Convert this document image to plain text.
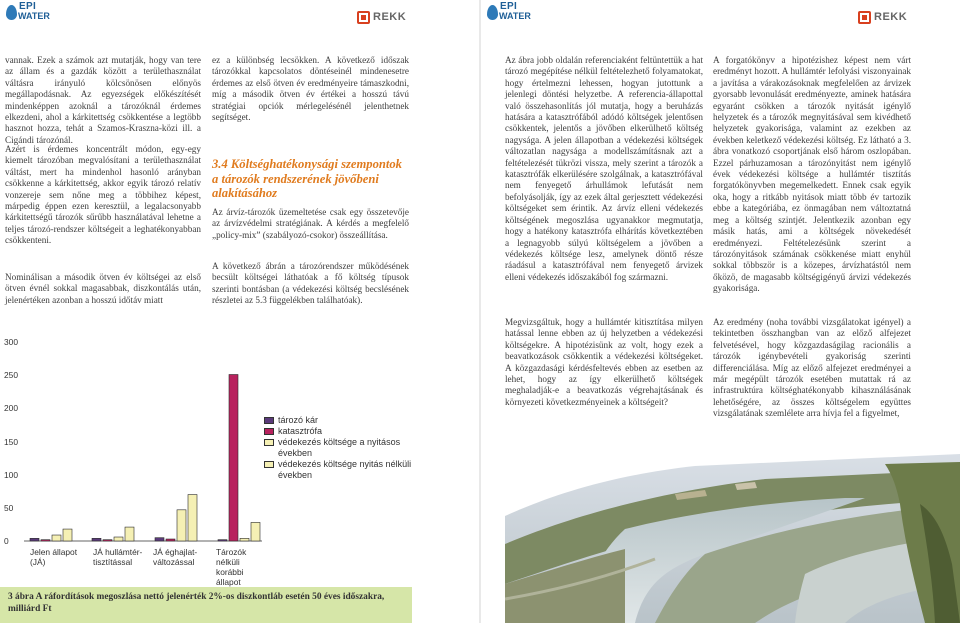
EPI
WATER	REKK
EPI
WATER	REKK
vannak. Ezek a számok azt mutatják, hogy van tere az állam és a gazdák között a területhasználat váltásra irányuló kölcsönösen előnyös megállapodásnak. Az egyezségek előkészítését mindenképpen azoknál a tározóknál érdemes elkezdeni, ahol a kárkitettség csökkentése a legtöbb hasznot hozza, tehát a Szamos-Kraszna-közi ill. a Cigándi tározónál.
Azért is érdemes koncentrált módon, egy-egy kiemelt tározóban megvalósítani a területhasználat váltást, mert ha mindenhol hasonló arányban csökkenne a kárkitettség, akkor egyik tározó relatív vonzereje sem nőne meg a többihez képest, márpedig éppen ezen keresztül, a legalacsonyabb kárkitettségű tározók sűrűbb használatával lehetne a teljes tározó-rendszer költségeit a leghatékonyabban csökkenteni.
Nominálisan a második ötven év költségei az első ötven évnél sokkal magasabbak, diszkontálás után, jelenértéken azonban a hosszú időtáv miatt
ez a különbség lecsökken. A következő időszak tározókkal kapcsolatos döntéseinél mindenesetre érdemes az első ötven év eredményeire támaszkodni, míg a második ötven év értékei a hosszú távú stratégiai opciók mérlegelésénél jelenthetnek segítséget.
3.4 Költséghatékonysági szempontok a tározók rendszerének jövőbeni alakításához
Az árvíz-tározók üzemeltetése csak egy összetevője az árvízvédelmi stratégiának. A kérdés a megfelelő „policy-mix” (szabályozó-csokor) összeállítása.
A következő ábrán a tározórendszer működésének becsült költségei láthatóak a fő költség típusok szerinti bontásban (a védekezési költség becslésének részletei az 5.3 függelékben találhatóak).
0
50
100
150
200
250
300
Jelen állapot (JÁ)
JÁ hullámtér-tisztítással
JÁ éghajlat-változással
Tározók nélküli korábbi állapot
tározó kár
katasztrófa
védekezés költsége a nyitásos években
védekezés költsége nyitás nélküli években
3 ábra A ráfordítások megoszlása nettó jelenérték 2%-os diszkontláb esetén 50 éves időszakra, milliárd Ft
Az ábra jobb oldalán referenciaként feltüntettük a hat tározó megépítése nélkül feltételezhető folyamatokat, hogy értelmezni lehessen, hogyan jutottunk a jelenlegi döntési helyzetbe. A referencia-állapottal való összehasonlítás jól mutatja, hogy a beruházás hatására a katasztrófából adódó költségek jelentősen csökkentek, jelentős a jövőben elkerülhető költség nagysága. A jelen állapotban a védekezési költségek változatlan nagysága a modellszámításnak azt a feltételezését tükrözi vissza, mely szerint a tározók a katasztrófák elkerülésére szolgálnak, a katasztrófával nem fenyegető árhullámok lefutását nem befolyásolják, így az ezek által gerjesztett védekezési költségeket sem érintik. Az árvíz elleni védekezés költségének megoszlása ugyanakkor megmutatja, hogy a hatékony katasztrófa elhárítás következtében a legnagyobb súlyú költségelem a jövőben a védekezés költsége lesz, amelynek döntő része ráadásul a katasztrófával nem fenyegető árvizek elleni védekezés időszakából fog származni.
Megvizsgáltuk, hogy a hullámtér kitisztítása milyen hatással lenne ebben az új helyzetben a védekezési költségekre. A hipotézisünk az volt, hogy ezek a beavatkozások csökkentik a védekezési költségeket. A közgazdasági kérdésfeltevés ebben az esetben az lehet, hogy az így elkerülhető költségek meghaladják-e a beavatkozás végrehajtásának és környezeti következményeinek a költségeit?
A forgatókönyv a hipotézishez képest nem várt eredményt hozott. A hullámtér lefolyási viszonyainak a javítása a várakozásoknak megfelelően az árvizek gyorsabb levonulását eredményezte, aminek hatására egyaránt csökken a tározók nyitását igénylő helyzetek és a tározók megnyitásával sem kivédhető helyzetek gyakorisága, valamint az ezekben az években keletkező védekezési költség. Ez látható a 3. ábra vonatkozó csoportjának első három oszlopában. Ezzel párhuzamosan a tározónyitást nem igénylő évek védekezési költsége a hullámtér tisztítás forgatókönyvben megemelkedett. Ennek csak egyik oka, hogy a ritkább nyitások miatt több év tartozik ebbe a kategóriába, ez önmagában nem változtatná meg a költség szintjét. Jelentkezik azonban egy másik hatás, ami a költségek növekedését eredményezi. Feltételezésünk szerint a tározónyitások számának csökkenése miatt enyhül sokkal többször is a közepes, árvízhatástól nem őközö, de magasabb költségigényű árvizi védekezés gyakorisága.
Az eredmény (noha további vizsgálatokat igényel) a tekintetben összhangban van az előző alfejezet felvetésével, hogy közgazdaságilag racionális a tározók igénybevételi gyakoriság szerinti differenciálása. Míg az előző alfejezet eredményei a már megépült tározók esetében mutattak rá az infrastruktúra költséghatékonyabb kihasználásának lehetőségére, az összes költségelem együttes vizsgálatának szemlélete arra hívja fel a figyelmet,
